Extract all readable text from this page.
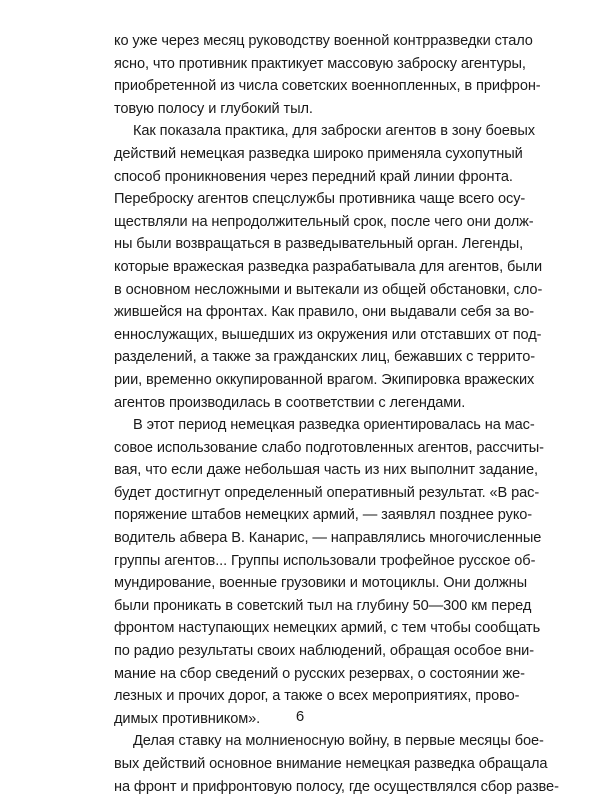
ко уже через месяц руководству военной контрразведки стало
ясно, что противник практикует массовую заброску агентуры,
приобретенной из числа советских военнопленных, в прифрон-
товую полосу и глубокий тыл.
Как показала практика, для заброски агентов в зону боевых
действий немецкая разведка широко применяла сухопутный
способ проникновения через передний край линии фронта.
Переброску агентов спецслужбы противника чаще всего осу-
ществляли на непродолжительный срок, после чего они долж-
ны были возвращаться в разведывательный орган. Легенды,
которые вражеская разведка разрабатывала для агентов, были
в основном несложными и вытекали из общей обстановки, сло-
жившейся на фронтах. Как правило, они выдавали себя за во-
еннослужащих, вышедших из окружения или отставших от под-
разделений, а также за гражданских лиц, бежавших с террито-
рии, временно оккупированной врагом. Экипировка вражеских
агентов производилась в соответствии с легендами.
В этот период немецкая разведка ориентировалась на мас-
совое использование слабо подготовленных агентов, рассчиты-
вая, что если даже небольшая часть из них выполнит задание,
будет достигнут определенный оперативный результат. «В рас-
поряжение штабов немецких армий, — заявлял позднее руко-
водитель абвера В. Канарис, — направлялись многочисленные
группы агентов... Группы использовали трофейное русское об-
мундирование, военные грузовики и мотоциклы. Они должны
были проникать в советский тыл на глубину 50—300 км перед
фронтом наступающих немецких армий, с тем чтобы сообщать
по радио результаты своих наблюдений, обращая особое вни-
мание на сбор сведений о русских резервах, о состоянии же-
лезных и прочих дорог, а также о всех мероприятиях, прово-
димых противником».
Делая ставку на молниеносную войну, в первые месяцы бое-
вых действий основное внимание немецкая разведка обращала
на фронт и прифронтовую полосу, где осуществлялся сбор разве-
6
